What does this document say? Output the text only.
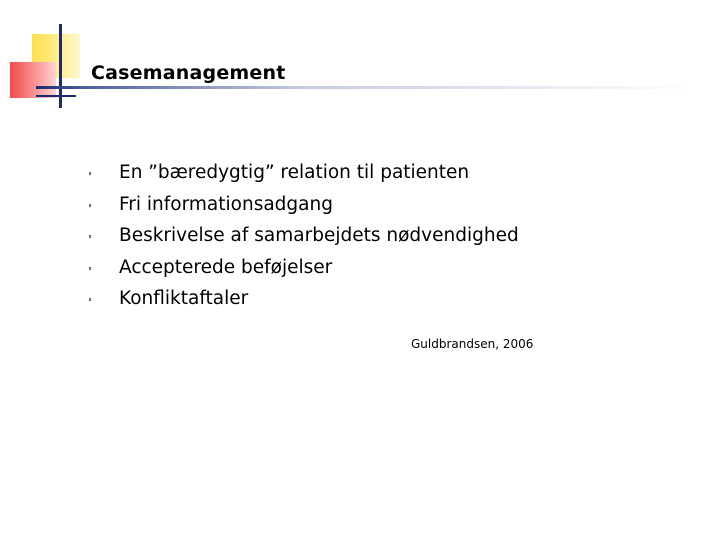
Casemanagement
En ”bæredygtig” relation til patienten
Fri informationsadgang
Beskrivelse af samarbejdets nødvendighed
Accepterede beføjelser
Konfliktaftaler
Guldbrandsen, 2006
